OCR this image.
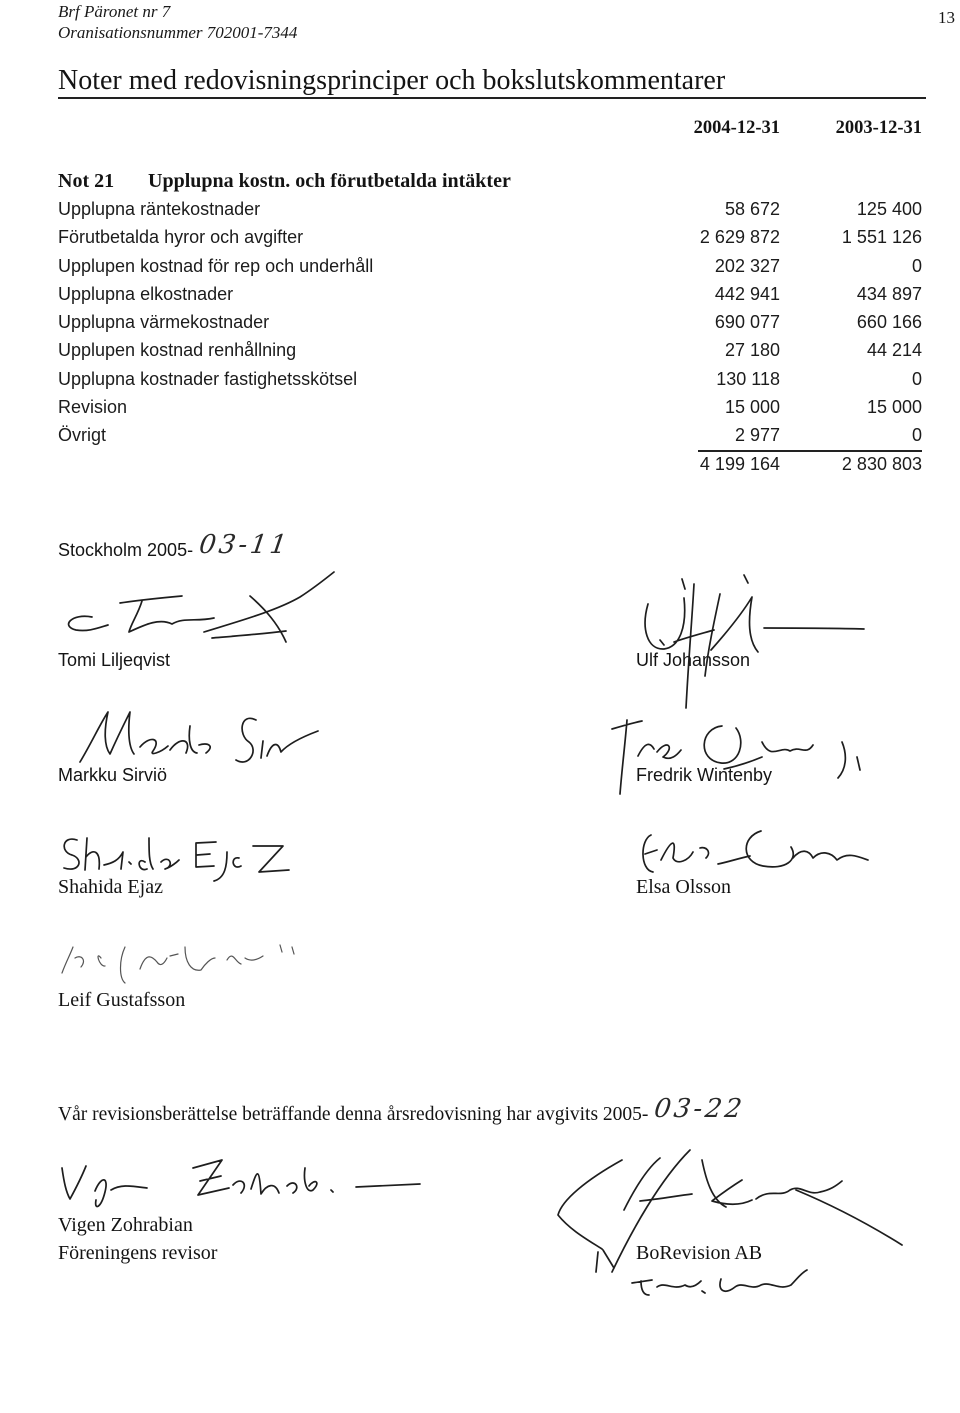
Brf Päronet nr 7
Oranisationsnummer 702001-7344
13
Noter med redovisningsprinciper och bokslutskommentarer
2004-12-31	2003-12-31
Not 21	Upplupna kostn. och förutbetalda intäkter
Upplupna räntekostnader	58 672	125 400
Förutbetalda hyror och avgifter	2 629 872	1 551 126
Upplupen kostnad för rep och underhåll	202 327	0
Upplupna elkostnader	442 941	434 897
Upplupna värmekostnader	690 077	660 166
Upplupen kostnad renhållning	27 180	44 214
Upplupna kostnader fastighetsskötsel	130 118	0
Revision	15 000	15 000
Övrigt	2 977	0
4 199 164	2 830 803
Stockholm 2005- 03-11
Tomi Liljeqvist	Ulf Johansson
Markku Sirviö	Fredrik Wintenby
Shahida Ejaz	Elsa Olsson
Leif Gustafsson
Vår revisionsberättelse beträffande denna årsredovisning har avgivits 2005- 03-22
Vigen Zohrabian
Föreningens revisor	BoRevision AB
